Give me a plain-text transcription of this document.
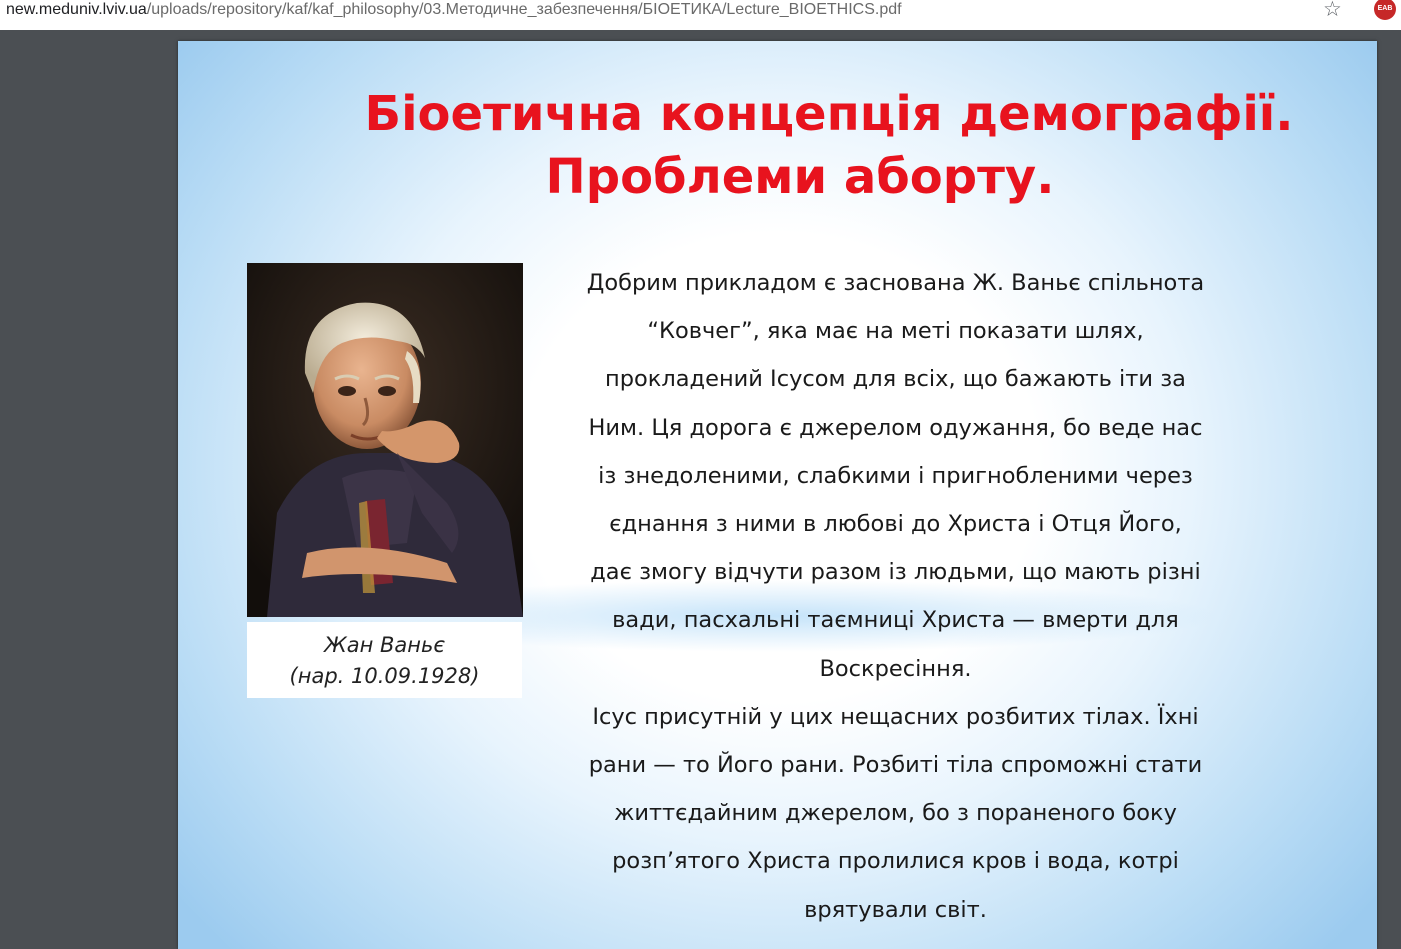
new.meduniv.lviv.ua/uploads/repository/kaf/kaf_philosophy/03.Методичне_забезпечення/БІОЕТИКА/Lecture_BIOETHICS.pdf	☆	EAB
Біоетична концепція демографії.
Проблеми аборту.
Жан Ваньє
(нар. 10.09.1928)
Добрим прикладом є заснована Ж. Ваньє спільнота
“Ковчег”, яка має на меті показати шлях,
прокладений Ісусом для всіх, що бажають іти за
Ним. Ця дорога є джерелом одужання, бо веде нас
із знедоленими, слабкими і пригнобленими через
єднання з ними в любові до Христа і Отця Його,
дає змогу відчути разом із людьми, що мають різні
вади, пасхальні таємниці Христа — вмерти для
Воскресіння.
Ісус присутній у цих нещасних розбитих тілах. Їхні
рани — то Його рани. Розбиті тіла спроможні стати
життєдайним джерелом, бо з пораненого боку
розп’ятого Христа пролилися кров і вода, котрі
врятували світ.
